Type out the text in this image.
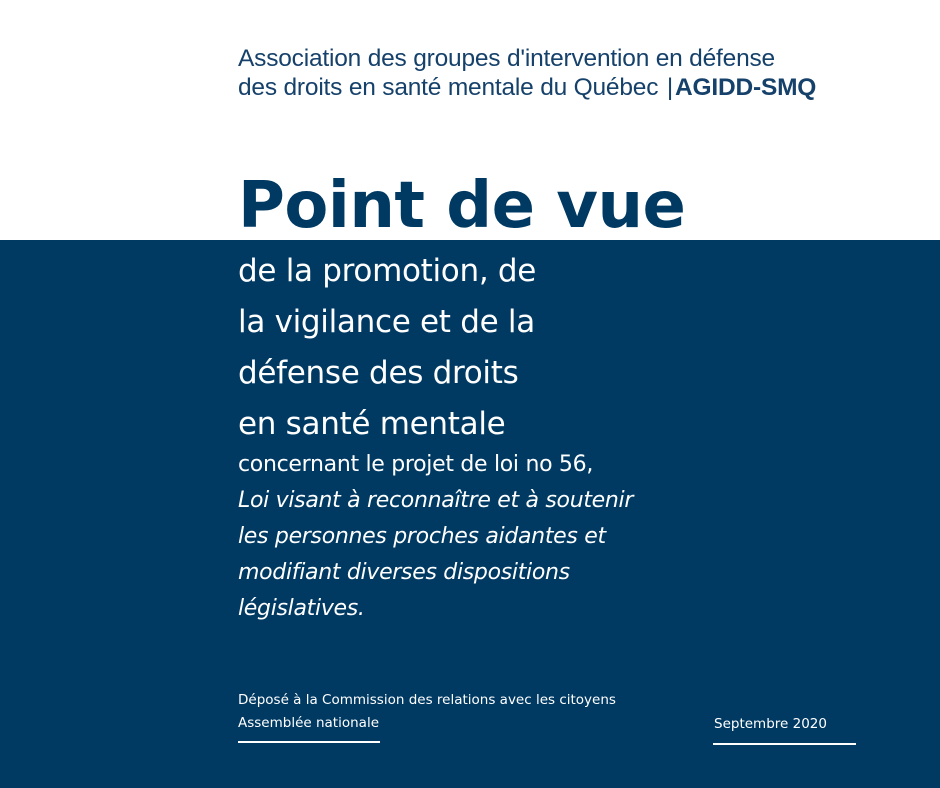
Association des groupes d'intervention en défense
des droits en santé mentale du Québec |AGIDD-SMQ
Point de vue
de la promotion, de
la vigilance et de la
défense des droits
en santé mentale
concernant le projet de loi no 56,
Loi visant à reconnaître et à soutenir
les personnes proches aidantes et
modifiant diverses dispositions
législatives.
Déposé à la Commission des relations avec les citoyens
Assemblée nationale	Septembre 2020
